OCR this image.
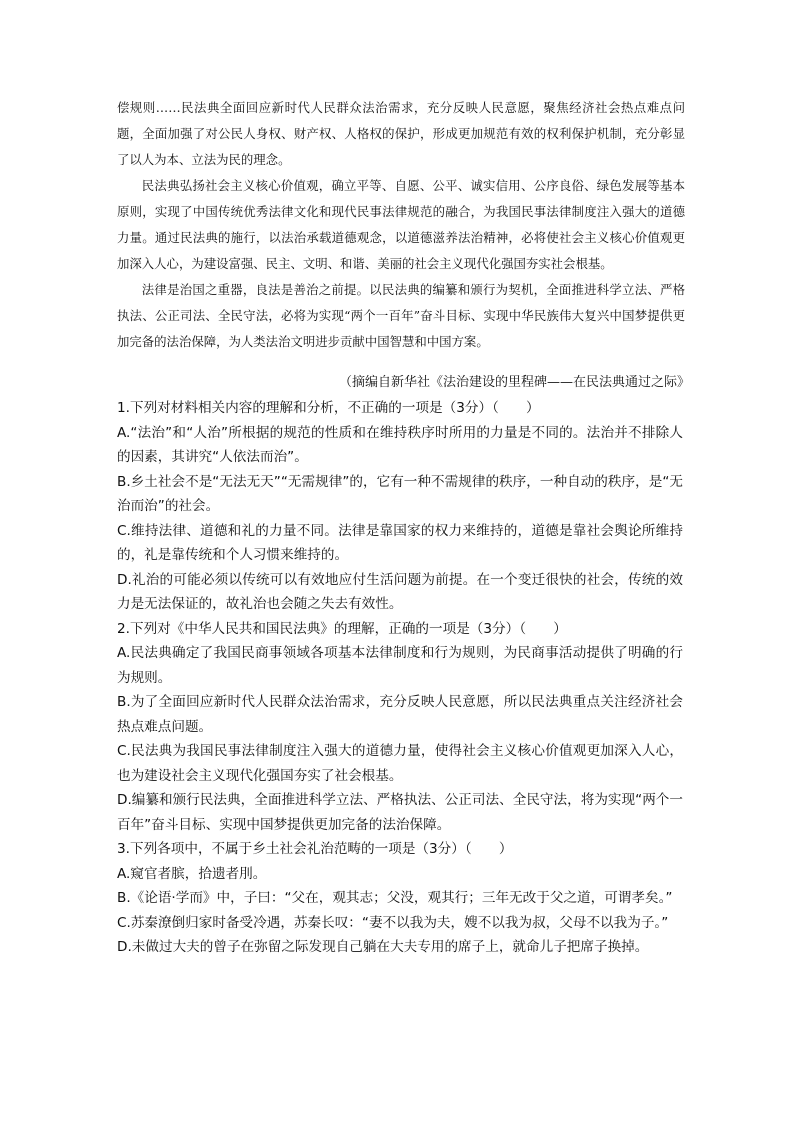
偿规则……民法典全面回应新时代人民群众法治需求，充分反映人民意愿，聚焦经济社会热点难点问题，全面加强了对公民人身权、财产权、人格权的保护，形成更加规范有效的权利保护机制，充分彰显了以人为本、立法为民的理念。

民法典弘扬社会主义核心价值观，确立平等、自愿、公平、诚实信用、公序良俗、绿色发展等基本原则，实现了中国传统优秀法律文化和现代民事法律规范的融合，为我国民事法律制度注入强大的道德力量。通过民法典的施行，以法治承载道德观念，以道德滋养法治精神，必将使社会主义核心价值观更加深入人心，为建设富强、民主、文明、和谐、美丽的社会主义现代化强国夯实社会根基。

法律是治国之重器，良法是善治之前提。以民法典的编纂和颁行为契机，全面推进科学立法、严格执法、公正司法、全民守法，必将为实现“两个一百年”奋斗目标、实现中华民族伟大复兴中国梦提供更加完备的法治保障，为人类法治文明进步贡献中国智慧和中国方案。

（摘编自新华社《法治建设的里程碑——在民法典通过之际》

1.下列对材料相关内容的理解和分析，不正确的一项是（3分）（　　）

A.“法治”和“人治”所根据的规范的性质和在维持秩序时所用的力量是不同的。法治并不排除人的因素，其讲究“人依法而治”。

B.乡土社会不是“无法无天”“无需规律”的，它有一种不需规律的秩序，一种自动的秩序，是“无治而治”的社会。

C.维持法律、道德和礼的力量不同。法律是靠国家的权力来维持的，道德是靠社会舆论所维持的，礼是靠传统和个人习惯来维持的。

D.礼治的可能必须以传统可以有效地应付生活问题为前提。在一个变迁很快的社会，传统的效力是无法保证的，故礼治也会随之失去有效性。

2.下列对《中华人民共和国民法典》的理解，正确的一项是（3分）（　　）

A.民法典确定了我国民商事领域各项基本法律制度和行为规则，为民商事活动提供了明确的行为规则。

B.为了全面回应新时代人民群众法治需求，充分反映人民意愿，所以民法典重点关注经济社会热点难点问题。

C.民法典为我国民事法律制度注入强大的道德力量，使得社会主义核心价值观更加深入人心，也为建设社会主义现代化强国夯实了社会根基。

D.编纂和颁行民法典，全面推进科学立法、严格执法、公正司法、全民守法，将为实现“两个一百年”奋斗目标、实现中国梦提供更加完备的法治保障。

3.下列各项中，不属于乡土社会礼治范畴的一项是（3分）（　　）

A.窥官者膑，拾遗者刖。

B.《论语·学而》中，子曰：“父在，观其志；父没，观其行；三年无改于父之道，可谓孝矣。”

C.苏秦潦倒归家时备受冷遇，苏秦长叹：“妻不以我为夫，嫂不以我为叔，父母不以我为子。”

D.未做过大夫的曾子在弥留之际发现自己躺在大夫专用的席子上，就命儿子把席子换掉。
